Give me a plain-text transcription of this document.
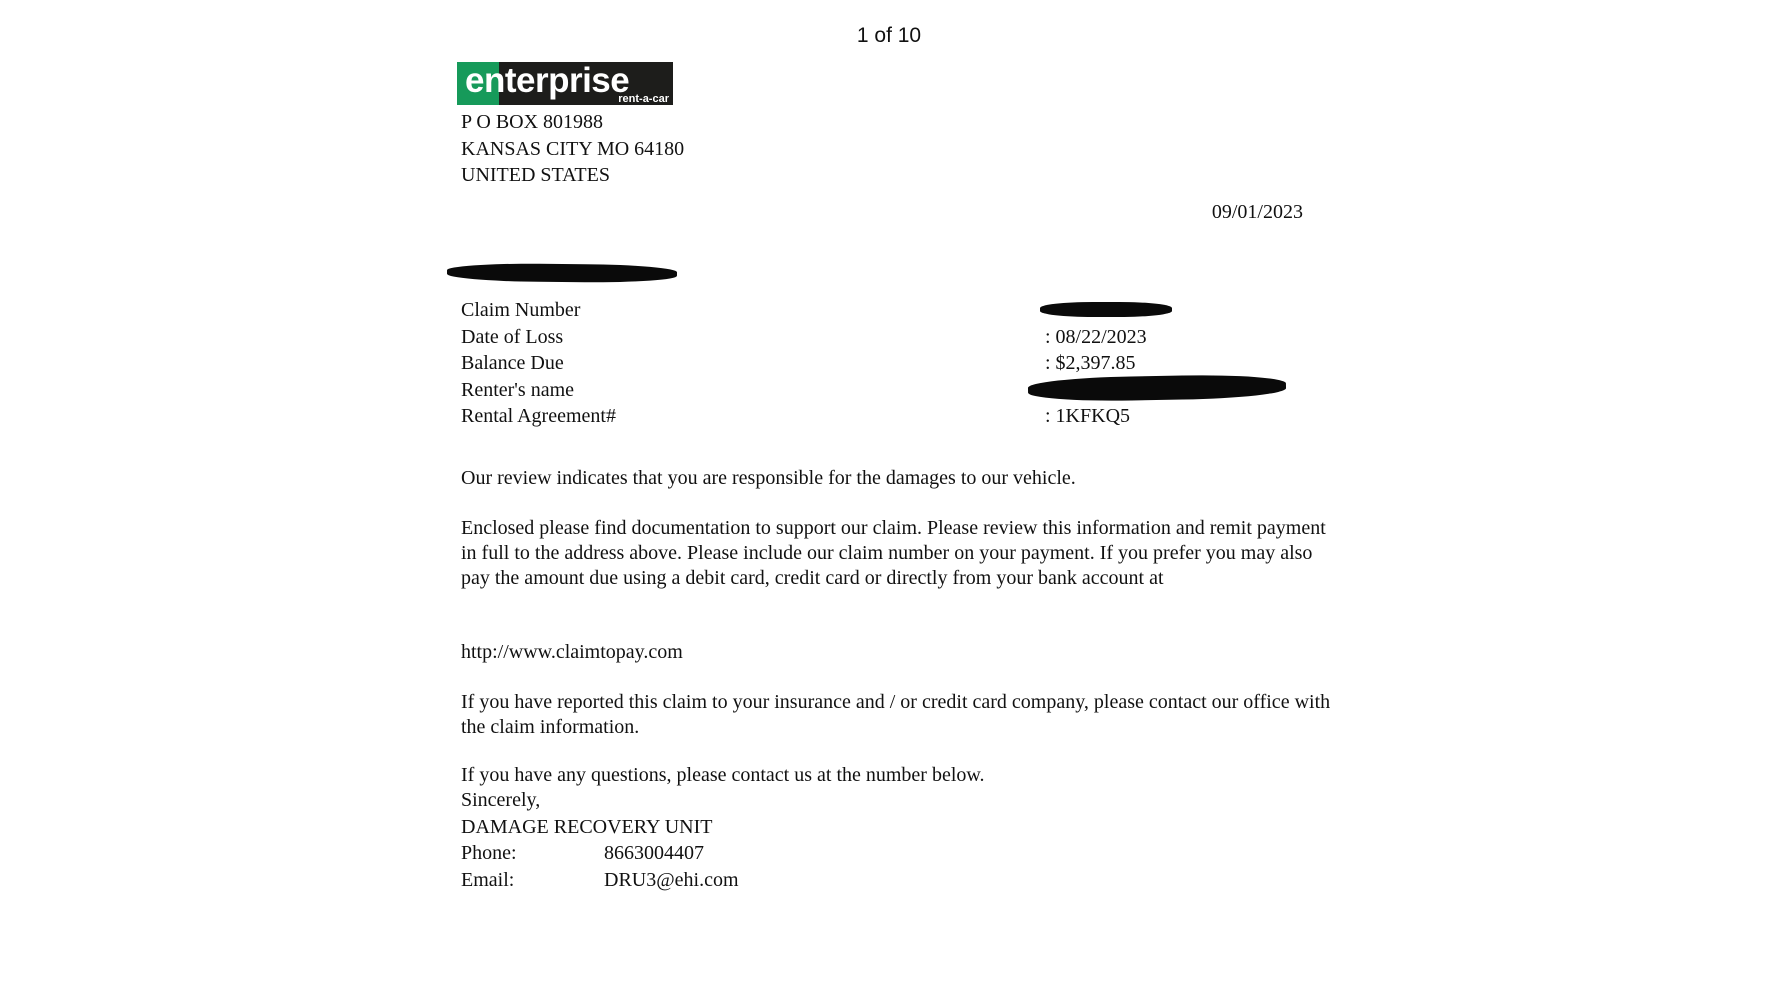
1 of 10
enterprise
rent-a-car
P O BOX 801988
KANSAS CITY MO 64180
UNITED STATES
09/01/2023
Claim Number
Date of Loss
Balance Due
Renter's name
Rental Agreement#
: 08/22/2023
: $2,397.85
: 1KFKQ5
Our review indicates that you are responsible for the damages to our vehicle.
Enclosed please find documentation to support our claim. Please review this information and remit payment in full to the address above. Please include our claim number on your payment. If you prefer you may also pay the amount due using a debit card, credit card or directly from your bank account at
http://www.claimtopay.com
If you have reported this claim to your insurance and / or credit card company, please contact our office with the claim information.
If you have any questions, please contact us at the number below.
Sincerely,
DAMAGE RECOVERY UNIT
Phone:	8663004407
Email:	DRU3@ehi.com
